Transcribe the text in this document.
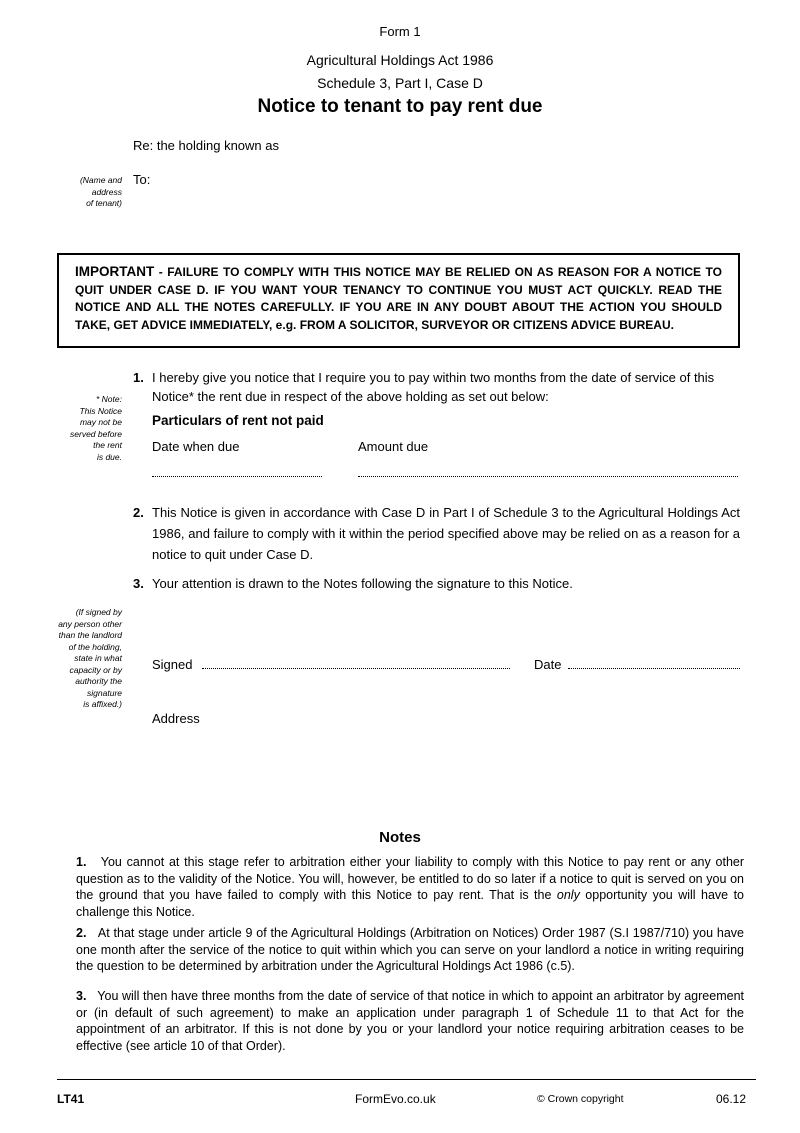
Form 1
Agricultural Holdings Act 1986
Schedule 3, Part I, Case D
Notice to tenant to pay rent due
Re: the holding known as
(Name and
address
of tenant)
To:
IMPORTANT - FAILURE TO COMPLY WITH THIS NOTICE MAY BE RELIED ON AS REASON FOR A NOTICE TO QUIT UNDER CASE D. IF YOU WANT YOUR TENANCY TO CONTINUE YOU MUST ACT QUICKLY. READ THE NOTICE AND ALL THE NOTES CAREFULLY. IF YOU ARE IN ANY DOUBT ABOUT THE ACTION YOU SHOULD TAKE, GET ADVICE IMMEDIATELY, e.g. FROM A SOLICITOR, SURVEYOR OR CITIZENS ADVICE BUREAU.
* Note:
This Notice
may not be
served before
the rent
is due.
1. I hereby give you notice that I require you to pay within two months from the date of service of this
Notice* the rent due in respect of the above holding as set out below:
Particulars of rent not paid
Date when due	Amount due
2. This Notice is given in accordance with Case D in Part I of Schedule 3 to the Agricultural Holdings Act 1986, and failure to comply with it within the period specified above may be relied on as a reason for a notice to quit under Case D.
3. Your attention is drawn to the Notes following the signature to this Notice.
(If signed by
any person other
than the landlord
of the holding,
state in what
capacity or by
authority the
signature
is affixed.)
Signed	Date
Address
Notes
1. You cannot at this stage refer to arbitration either your liability to comply with this Notice to pay rent or any other question as to the validity of the Notice. You will, however, be entitled to do so later if a notice to quit is served on you on the ground that you have failed to comply with this Notice to pay rent. That is the only opportunity you will have to challenge this Notice.
2. At that stage under article 9 of the Agricultural Holdings (Arbitration on Notices) Order 1987 (S.I 1987/710) you have one month after the service of the notice to quit within which you can serve on your landlord a notice in writing requiring the question to be determined by arbitration under the Agricultural Holdings Act 1986 (c.5).
3. You will then have three months from the date of service of that notice in which to appoint an arbitrator by agreement or (in default of such agreement) to make an application under paragraph 1 of Schedule 11 to that Act for the appointment of an arbitrator. If this is not done by you or your landlord your notice requiring arbitration ceases to be effective (see article 10 of that Order).
LT41	FormEvo.co.uk	© Crown copyright	06.12
